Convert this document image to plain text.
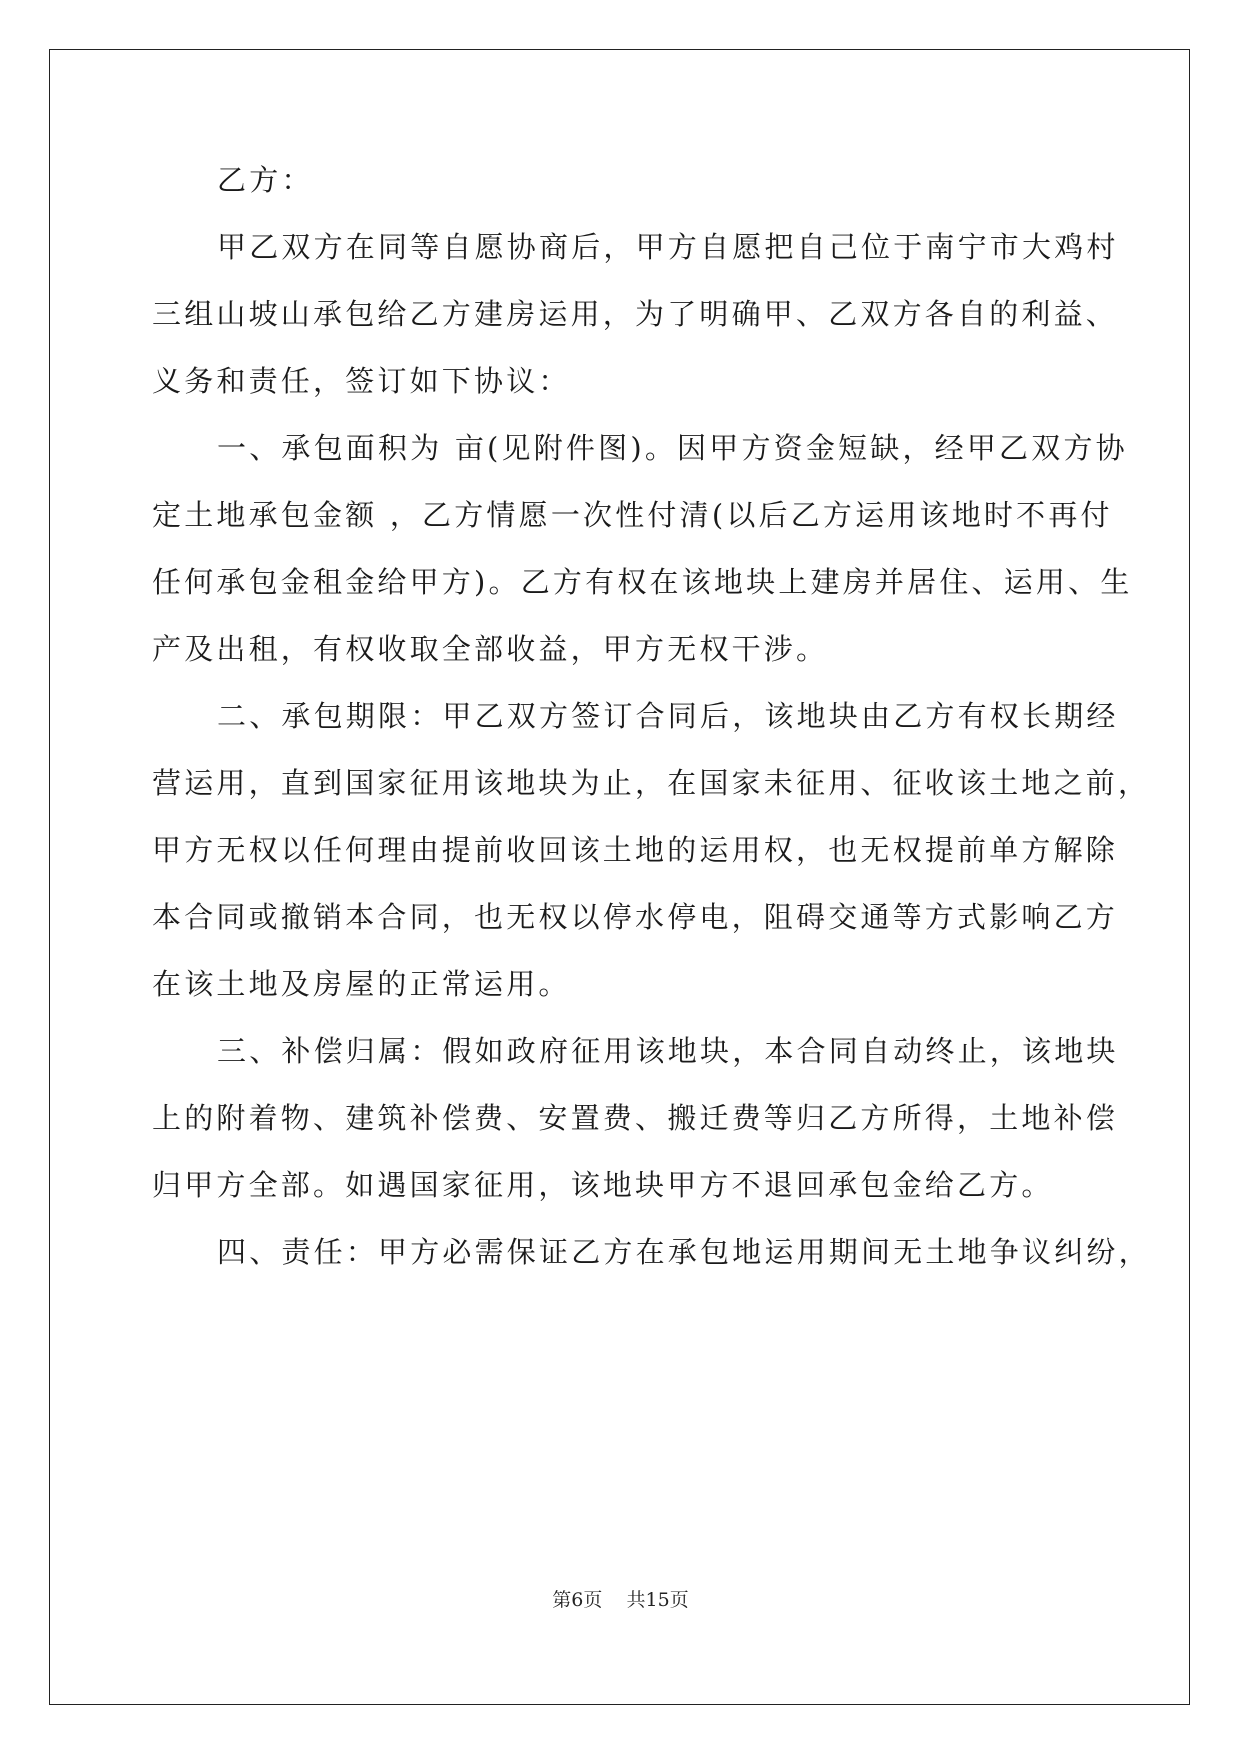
乙方：

甲乙双方在同等自愿协商后，甲方自愿把自己位于南宁市大鸡村

三组山坡山承包给乙方建房运用，为了明确甲、乙双方各自的利益、

义务和责任，签订如下协议：

一、承包面积为 亩(见附件图)。因甲方资金短缺，经甲乙双方协

定土地承包金额 ，乙方情愿一次性付清(以后乙方运用该地时不再付

任何承包金租金给甲方)。乙方有权在该地块上建房并居住、运用、生

产及出租，有权收取全部收益，甲方无权干涉。

二、承包期限：甲乙双方签订合同后，该地块由乙方有权长期经

营运用，直到国家征用该地块为止，在国家未征用、征收该土地之前，

甲方无权以任何理由提前收回该土地的运用权，也无权提前单方解除

本合同或撤销本合同，也无权以停水停电，阻碍交通等方式影响乙方

在该土地及房屋的正常运用。

三、补偿归属：假如政府征用该地块，本合同自动终止，该地块

上的附着物、建筑补偿费、安置费、搬迁费等归乙方所得，土地补偿

归甲方全部。如遇国家征用，该地块甲方不退回承包金给乙方。

四、责任：甲方必需保证乙方在承包地运用期间无土地争议纠纷，

第6页 共15页
